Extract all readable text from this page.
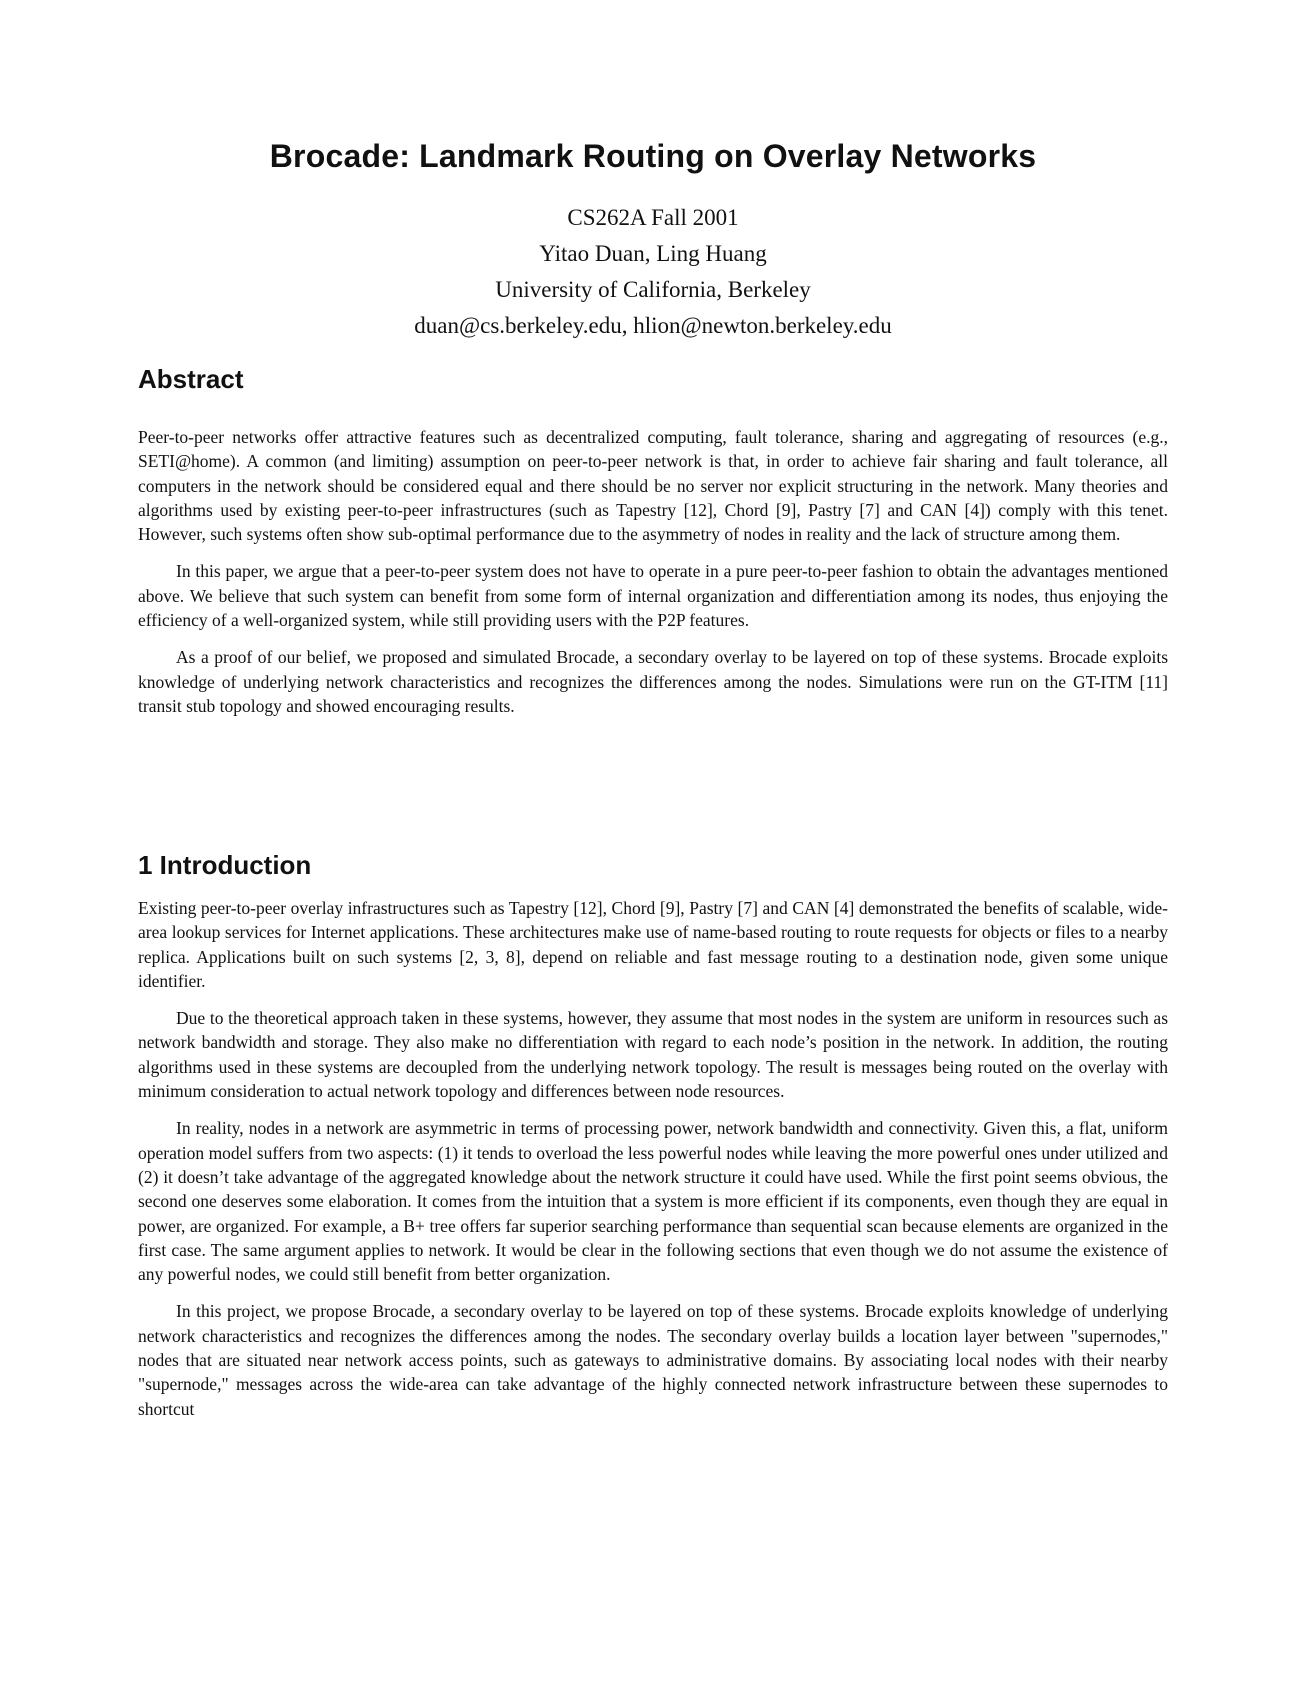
Brocade: Landmark Routing on Overlay Networks
CS262A Fall 2001
Yitao Duan, Ling Huang
University of California, Berkeley
duan@cs.berkeley.edu, hlion@newton.berkeley.edu
Abstract

Peer-to-peer networks offer attractive features such as decentralized computing, fault tolerance, sharing and aggregating of resources (e.g., SETI@home). A common (and limiting) assumption on peer-to-peer network is that, in order to achieve fair sharing and fault tolerance, all computers in the network should be considered equal and there should be no server nor explicit structuring in the network. Many theories and algorithms used by existing peer-to-peer infrastructures (such as Tapestry [12], Chord [9], Pastry [7] and CAN [4]) comply with this tenet. However, such systems often show sub-optimal performance due to the asymmetry of nodes in reality and the lack of structure among them.

In this paper, we argue that a peer-to-peer system does not have to operate in a pure peer-to-peer fashion to obtain the advantages mentioned above. We believe that such system can benefit from some form of internal organization and differentiation among its nodes, thus enjoying the efficiency of a well-organized system, while still providing users with the P2P features.

As a proof of our belief, we proposed and simulated Brocade, a secondary overlay to be layered on top of these systems. Brocade exploits knowledge of underlying network characteristics and recognizes the differences among the nodes. Simulations were run on the GT-ITM [11] transit stub topology and showed encouraging results.

1 Introduction

Existing peer-to-peer overlay infrastructures such as Tapestry [12], Chord [9], Pastry [7] and CAN [4] demonstrated the benefits of scalable, wide-area lookup services for Internet applications. These architectures make use of name-based routing to route requests for objects or files to a nearby replica. Applications built on such systems [2, 3, 8], depend on reliable and fast message routing to a destination node, given some unique identifier.

Due to the theoretical approach taken in these systems, however, they assume that most nodes in the system are uniform in resources such as network bandwidth and storage. They also make no differentiation with regard to each node’s position in the network. In addition, the routing algorithms used in these systems are decoupled from the underlying network topology. The result is messages being routed on the overlay with minimum consideration to actual network topology and differences between node resources.

In reality, nodes in a network are asymmetric in terms of processing power, network bandwidth and connectivity. Given this, a flat, uniform operation model suffers from two aspects: (1) it tends to overload the less powerful nodes while leaving the more powerful ones under utilized and (2) it doesn’t take advantage of the aggregated knowledge about the network structure it could have used. While the first point seems obvious, the second one deserves some elaboration. It comes from the intuition that a system is more efficient if its components, even though they are equal in power, are organized. For example, a B+ tree offers far superior searching performance than sequential scan because elements are organized in the first case. The same argument applies to network. It would be clear in the following sections that even though we do not assume the existence of any powerful nodes, we could still benefit from better organization.

In this project, we propose Brocade, a secondary overlay to be layered on top of these systems. Brocade exploits knowledge of underlying network characteristics and recognizes the differences among the nodes. The secondary overlay builds a location layer between "supernodes," nodes that are situated near network access points, such as gateways to administrative domains. By associating local nodes with their nearby "supernode," messages across the wide-area can take advantage of the highly connected network infrastructure between these supernodes to shortcut
